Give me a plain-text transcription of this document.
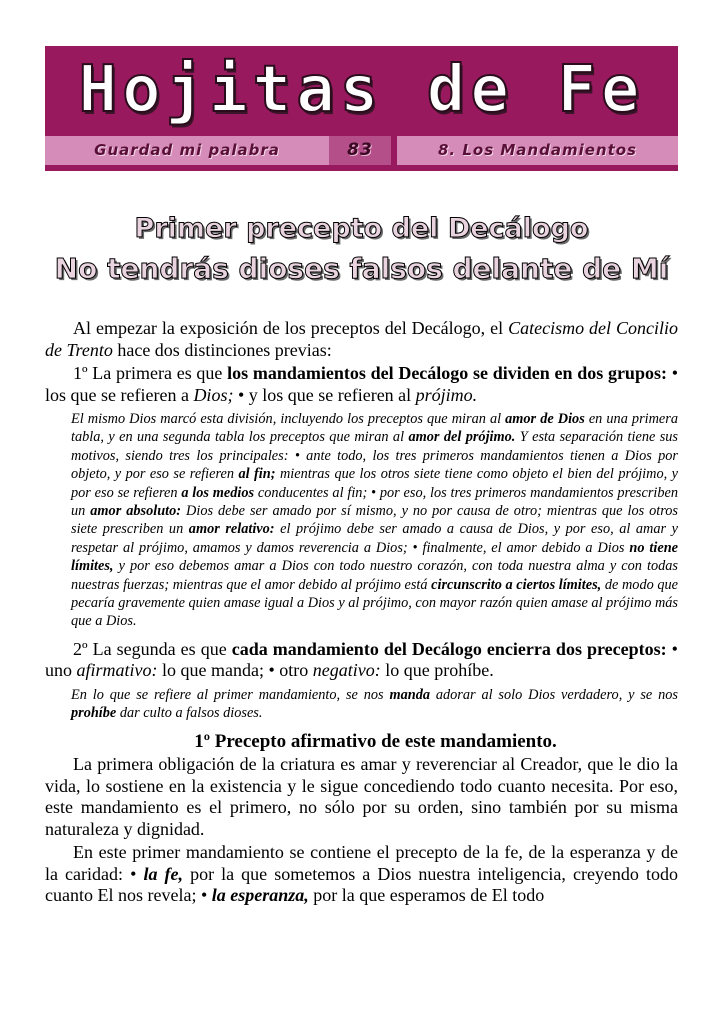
Hojitas de Fe
Guardad mi palabra	83	8. Los Mandamientos
Primer precepto del Decálogo
No tendrás dioses falsos delante de Mí

Al empezar la exposición de los preceptos del Decálogo, el Catecismo del Concilio de Trento hace dos distinciones previas:

1º La primera es que los mandamientos del Decálogo se dividen en dos grupos: • los que se refieren a Dios; • y los que se refieren al prójimo.

El mismo Dios marcó esta división, incluyendo los preceptos que miran al amor de Dios en una primera tabla, y en una segunda tabla los preceptos que miran al amor del prójimo. Y esta separación tiene sus motivos, siendo tres los principales: • ante todo, los tres primeros mandamientos tienen a Dios por objeto, y por eso se refieren al fin; mientras que los otros siete tiene como objeto el bien del prójimo, y por eso se refieren a los medios conducentes al fin; • por eso, los tres primeros mandamientos prescriben un amor absoluto: Dios debe ser amado por sí mismo, y no por causa de otro; mientras que los otros siete prescriben un amor relativo: el prójimo debe ser amado a causa de Dios, y por eso, al amar y respetar al prójimo, amamos y damos reverencia a Dios; • finalmente, el amor debido a Dios no tiene límites, y por eso debemos amar a Dios con todo nuestro corazón, con toda nuestra alma y con todas nuestras fuerzas; mientras que el amor debido al prójimo está circunscrito a ciertos límites, de modo que pecaría gravemente quien amase igual a Dios y al prójimo, con mayor razón quien amase al prójimo más que a Dios.

2º La segunda es que cada mandamiento del Decálogo encierra dos preceptos: • uno afirmativo: lo que manda; • otro negativo: lo que prohíbe.

En lo que se refiere al primer mandamiento, se nos manda adorar al solo Dios verdadero, y se nos prohíbe dar culto a falsos dioses.

1º Precepto afirmativo de este mandamiento.

La primera obligación de la criatura es amar y reverenciar al Creador, que le dio la vida, lo sostiene en la existencia y le sigue concediendo todo cuanto necesita. Por eso, este mandamiento es el primero, no sólo por su orden, sino también por su misma naturaleza y dignidad.

En este primer mandamiento se contiene el precepto de la fe, de la esperanza y de la caridad: • la fe, por la que sometemos a Dios nuestra inteligencia, creyendo todo cuanto El nos revela; • la esperanza, por la que esperamos de El todo
